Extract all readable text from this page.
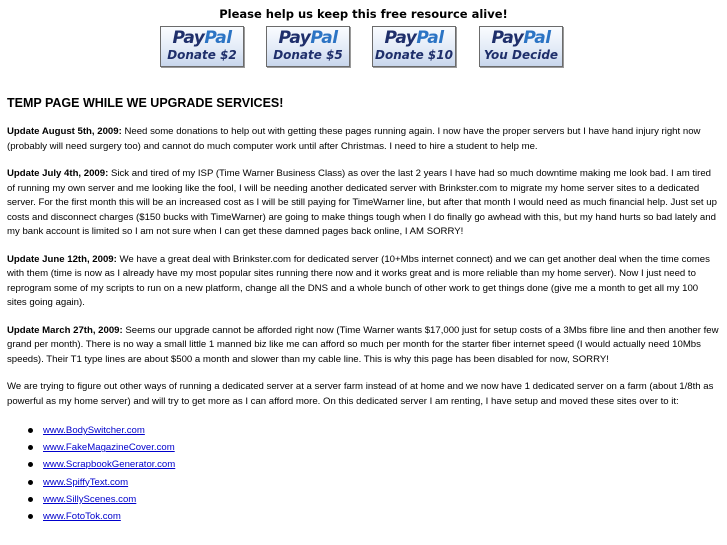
Please help us keep this free resource alive!
PayPal
Donate $2
PayPal
Donate $5
PayPal
Donate $10
PayPal
You Decide
TEMP PAGE WHILE WE UPGRADE SERVICES!

Update August 5th, 2009: Need some donations to help out with getting these pages running again. I now have the proper servers but I have hand injury right now (probably will need surgery too) and cannot do much computer work until after Christmas. I need to hire a student to help me.

Update July 4th, 2009: Sick and tired of my ISP (Time Warner Business Class) as over the last 2 years I have had so much downtime making me look bad. I am tired of running my own server and me looking like the fool, I will be needing another dedicated server with Brinkster.com to migrate my home server sites to a dedicated server. For the first month this will be an increased cost as I will be still paying for TimeWarner line, but after that month I would need as much financial help. Just set up costs and disconnect charges ($150 bucks with TimeWarner) are going to make things tough when I do finally go awhead with this, but my hand hurts so bad lately and my bank account is limited so I am not sure when I can get these damned pages back online, I AM SORRY!

Update June 12th, 2009: We have a great deal with Brinkster.com for dedicated server (10+Mbs internet connect) and we can get another deal when the time comes with them (time is now as I already have my most popular sites running there now and it works great and is more reliable than my home server). Now I just need to reprogram some of my scripts to run on a new platform, change all the DNS and a whole bunch of other work to get things done (give me a month to get all my 100 sites going again).

Update March 27th, 2009: Seems our upgrade cannot be afforded right now (Time Warner wants $17,000 just for setup costs of a 3Mbs fibre line and then another few grand per month). There is no way a small little 1 manned biz like me can afford so much per month for the starter fiber internet speed (I would actually need 10Mbs speeds). Their T1 type lines are about $500 a month and slower than my cable line. This is why this page has been disabled for now, SORRY!

We are trying to figure out other ways of running a dedicated server at a server farm instead of at home and we now have 1 dedicated server on a farm (about 1/8th as powerful as my home server) and will try to get more as I can afford more. On this dedicated server I am renting, I have setup and moved these sites over to it:

www.BodySwitcher.com
www.FakeMagazineCover.com
www.ScrapbookGenerator.com
www.SpiffyText.com
www.SillyScenes.com
www.FotoTok.com
